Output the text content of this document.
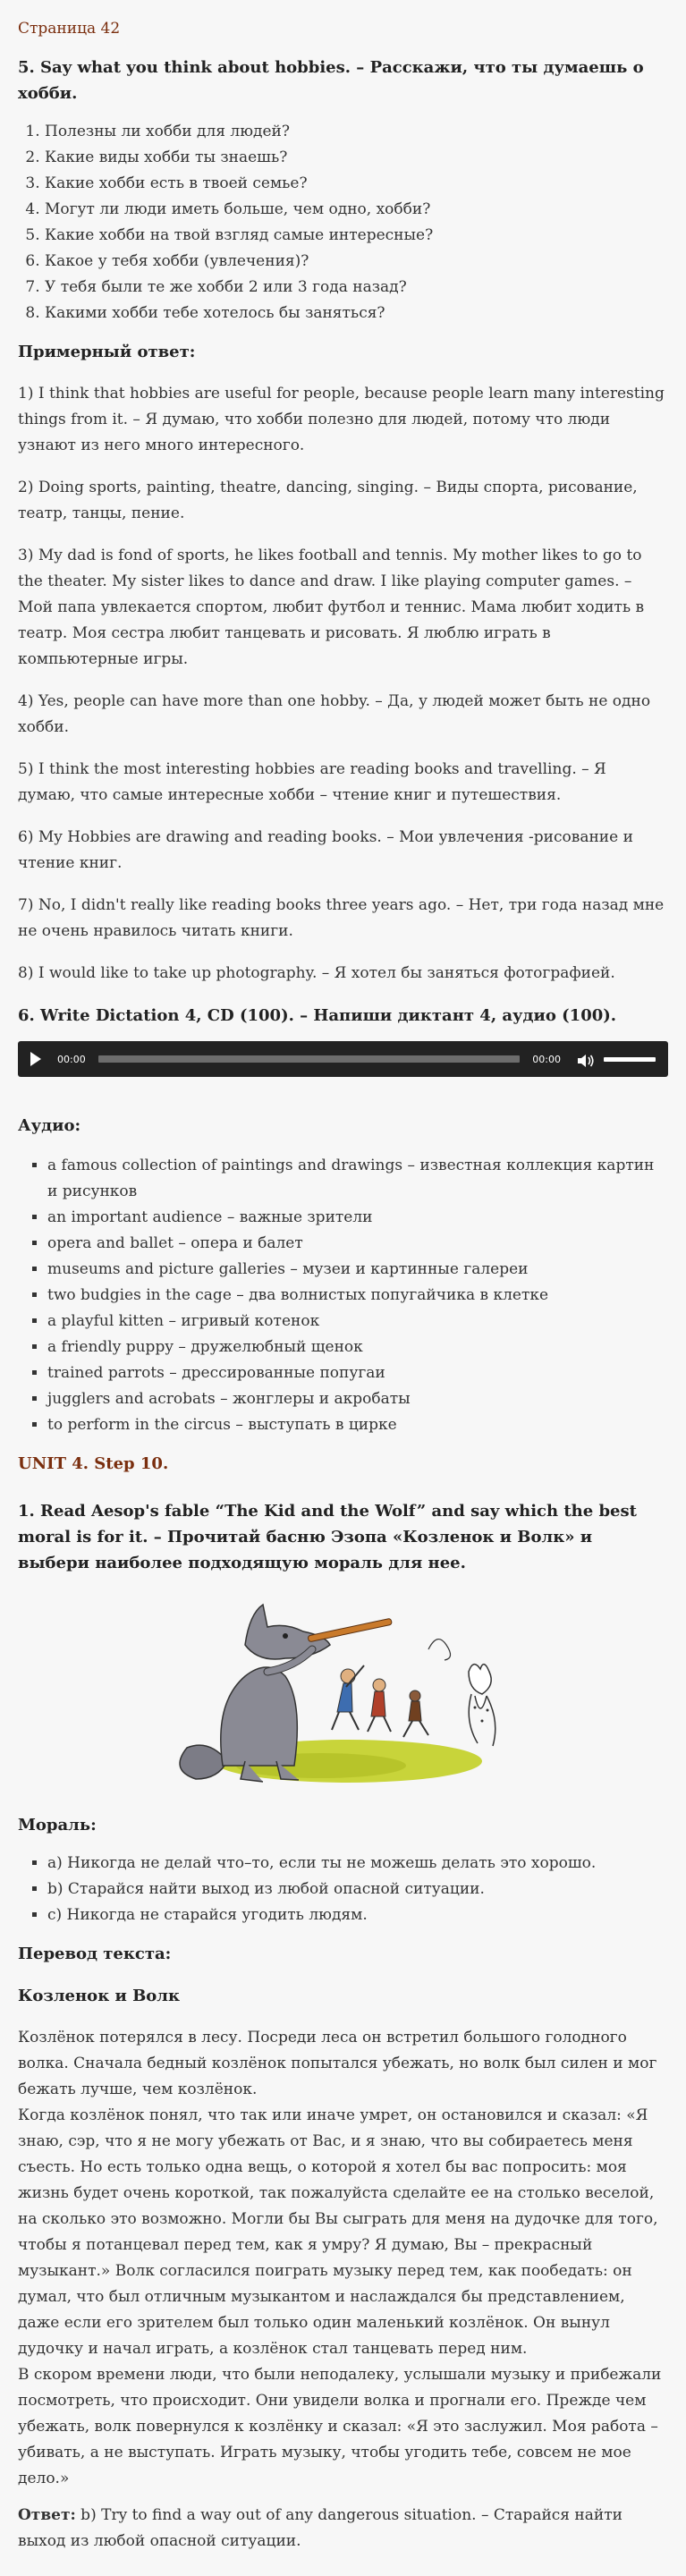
Страница 42
5. Say what you think about hobbies. – Расскажи, что ты думаешь о хобби.
1. Полезны ли хобби для людей?
2. Какие виды хобби ты знаешь?
3. Какие хобби есть в твоей семье?
4. Могут ли люди иметь больше, чем одно, хобби?
5. Какие хобби на твой взгляд самые интересные?
6. Какое у тебя хобби (увлечения)?
7. У тебя были те же хобби 2 или 3 года назад?
8. Какими хобби тебе хотелось бы заняться?
Примерный ответ:

1) I think that hobbies are useful for people, because people learn many interesting things from it. – Я думаю, что хобби полезно для людей, потому что люди узнают из него много интересного.

2) Doing sports, painting, theatre, dancing, singing. – Виды спорта, рисование, театр, танцы, пение.

3) My dad is fond of sports, he likes football and tennis. My mother likes to go to the theater. My sister likes to dance and draw. I like playing computer games. – Мой папа увлекается спортом, любит футбол и теннис. Мама любит ходить в театр. Моя сестра любит танцевать и рисовать. Я люблю играть в компьютерные игры.

4) Yes, people can have more than one hobby. – Да, у людей может быть не одно хобби.

5) I think the most interesting hobbies are reading books and travelling. – Я думаю, что самые интересные хобби – чтение книг и путешествия.

6) My Hobbies are drawing and reading books. – Мои увлечения -рисование и чтение книг.

7) No, I didn't really like reading books three years ago. – Нет, три года назад мне не очень нравилось читать книги.

8) I would like to take up photography. – Я хотел бы заняться фотографией.

6. Write Dictation 4, CD (100). – Напиши диктант 4, аудио (100).
00:00	00:00
Аудио:
▪ a famous collection of paintings and drawings – известная коллекция картин и рисунков
▪ an important audience – важные зрители
▪ opera and ballet – опера и балет
▪ museums and picture galleries – музеи и картинные галереи
▪ two budgies in the cage – два волнистых попугайчика в клетке
▪ a playful kitten – игривый котенок
▪ a friendly puppy – дружелюбный щенок
▪ trained parrots – дрессированные попугаи
▪ jugglers and acrobats – жонглеры и акробаты
▪ to perform in the circus – выступать в цирке
UNIT 4. Step 10.
1. Read Aesop's fable “The Kid and the Wolf” and say which the best moral is for it. – Прочитай басню Эзопа «Козленок и Волк» и выбери наиболее подходящую мораль для нее.
Мораль:
▪ a) Никогда не делай что–то, если ты не можешь делать это хорошо.
▪ b) Старайся найти выход из любой опасной ситуации.
▪ c) Никогда не старайся угодить людям.
Перевод текста:
Козленок и Волк
Козлёнок потерялся в лесу. Посреди леса он встретил большого голодного волка. Сначала бедный козлёнок попытался убежать, но волк был силен и мог бежать лучше, чем козлёнок.
Когда козлёнок понял, что так или иначе умрет, он остановился и сказал: «Я знаю, сэр, что я не могу убежать от Вас, и я знаю, что вы собираетесь меня съесть. Но есть только одна вещь, о которой я хотел бы вас попросить: моя жизнь будет очень короткой, так пожалуйста сделайте ее на столько веселой, на сколько это возможно. Могли бы Вы сыграть для меня на дудочке для того, чтобы я потанцевал перед тем, как я умру? Я думаю, Вы – прекрасный музыкант.» Волк согласился поиграть музыку перед тем, как пообедать: он думал, что был отличным музыкантом и наслаждался бы представлением, даже если его зрителем был только один маленький козлёнок. Он вынул дудочку и начал играть, а козлёнок стал танцевать перед ним.
В скором времени люди, что были неподалеку, услышали музыку и прибежали посмотреть, что происходит. Они увидели волка и прогнали его. Прежде чем убежать, волк повернулся к козлёнку и сказал: «Я это заслужил. Моя работа – убивать, а не выступать. Играть музыку, чтобы угодить тебе, совсем не мое дело.»
Ответ: b) Try to find a way out of any dangerous situation. – Старайся найти выход из любой опасной ситуации.
